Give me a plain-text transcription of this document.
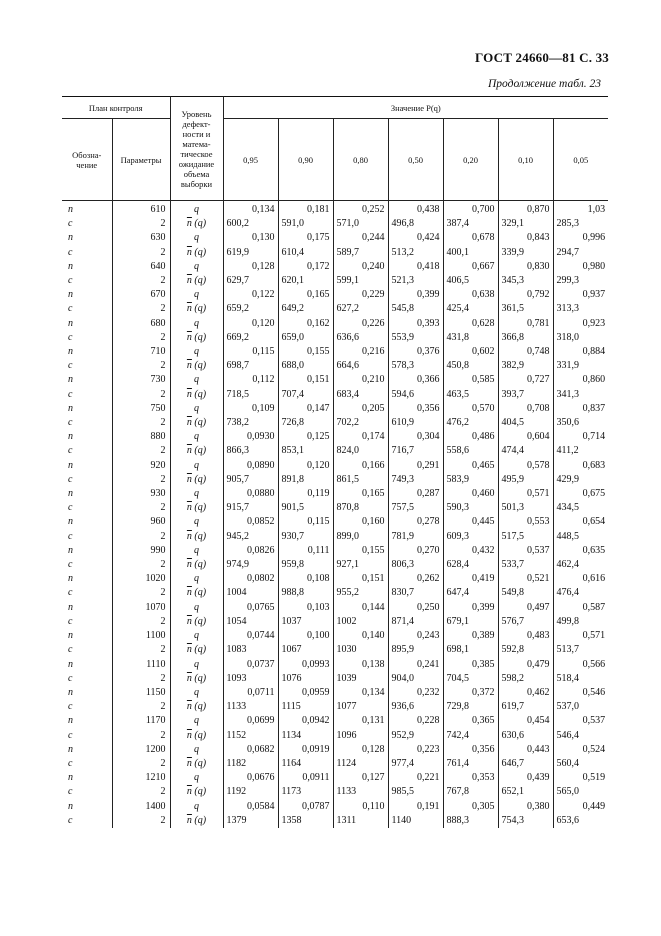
ГОСТ 24660—81 С. 33
Продолжение табл. 23
План контроля		Уровень дефект-ности и матема-тическое ожидание объема выборки	Значение P(q)						
Обозна-чение	Параметры		0,95	0,90	0,80	0,50	0,20	0,10	0,05
n	610	q	0,134	0,181	0,252	0,438	0,700	0,870	1,03
c	2	$\overline{n}$ (q)	600,2	591,0	571,0	496,8	387,4	329,1	285,3
n	630	q	0,130	0,175	0,244	0,424	0,678	0,843	0,996
c	2	$\overline{n}$ (q)	619,9	610,4	589,7	513,2	400,1	339,9	294,7
n	640	q	0,128	0,172	0,240	0,418	0,667	0,830	0,980
c	2	$\overline{n}$ (q)	629,7	620,1	599,1	521,3	406,5	345,3	299,3
n	670	q	0,122	0,165	0,229	0,399	0,638	0,792	0,937
c	2	$\overline{n}$ (q)	659,2	649,2	627,2	545,8	425,4	361,5	313,3
n	680	q	0,120	0,162	0,226	0,393	0,628	0,781	0,923
c	2	$\overline{n}$ (q)	669,2	659,0	636,6	553,9	431,8	366,8	318,0
n	710	q	0,115	0,155	0,216	0,376	0,602	0,748	0,884
c	2	$\overline{n}$ (q)	698,7	688,0	664,6	578,3	450,8	382,9	331,9
n	730	q	0,112	0,151	0,210	0,366	0,585	0,727	0,860
c	2	$\overline{n}$ (q)	718,5	707,4	683,4	594,6	463,5	393,7	341,3
n	750	q	0,109	0,147	0,205	0,356	0,570	0,708	0,837
c	2	$\overline{n}$ (q)	738,2	726,8	702,2	610,9	476,2	404,5	350,6
n	880	q	0,0930	0,125	0,174	0,304	0,486	0,604	0,714
c	2	$\overline{n}$ (q)	866,3	853,1	824,0	716,7	558,6	474,4	411,2
n	920	q	0,0890	0,120	0,166	0,291	0,465	0,578	0,683
c	2	$\overline{n}$ (q)	905,7	891,8	861,5	749,3	583,9	495,9	429,9
n	930	q	0,0880	0,119	0,165	0,287	0,460	0,571	0,675
c	2	$\overline{n}$ (q)	915,7	901,5	870,8	757,5	590,3	501,3	434,5
n	960	q	0,0852	0,115	0,160	0,278	0,445	0,553	0,654
c	2	$\overline{n}$ (q)	945,2	930,7	899,0	781,9	609,3	517,5	448,5
n	990	q	0,0826	0,111	0,155	0,270	0,432	0,537	0,635
c	2	$\overline{n}$ (q)	974,9	959,8	927,1	806,3	628,4	533,7	462,4
n	1020	q	0,0802	0,108	0,151	0,262	0,419	0,521	0,616
c	2	$\overline{n}$ (q)	1004	988,8	955,2	830,7	647,4	549,8	476,4
n	1070	q	0,0765	0,103	0,144	0,250	0,399	0,497	0,587
c	2	$\overline{n}$ (q)	1054	1037	1002	871,4	679,1	576,7	499,8
n	1100	q	0,0744	0,100	0,140	0,243	0,389	0,483	0,571
c	2	$\overline{n}$ (q)	1083	1067	1030	895,9	698,1	592,8	513,7
n	1110	q	0,0737	0,0993	0,138	0,241	0,385	0,479	0,566
c	2	$\overline{n}$ (q)	1093	1076	1039	904,0	704,5	598,2	518,4
n	1150	q	0,0711	0,0959	0,134	0,232	0,372	0,462	0,546
c	2	$\overline{n}$ (q)	1133	1115	1077	936,6	729,8	619,7	537,0
n	1170	q	0,0699	0,0942	0,131	0,228	0,365	0,454	0,537
c	2	$\overline{n}$ (q)	1152	1134	1096	952,9	742,4	630,6	546,4
n	1200	q	0,0682	0,0919	0,128	0,223	0,356	0,443	0,524
c	2	$\overline{n}$ (q)	1182	1164	1124	977,4	761,4	646,7	560,4
n	1210	q	0,0676	0,0911	0,127	0,221	0,353	0,439	0,519
c	2	$\overline{n}$ (q)	1192	1173	1133	985,5	767,8	652,1	565,0
n	1400	q	0,0584	0,0787	0,110	0,191	0,305	0,380	0,449
c	2	$\overline{n}$ (q)	1379	1358	1311	1140	888,3	754,3	653,6
